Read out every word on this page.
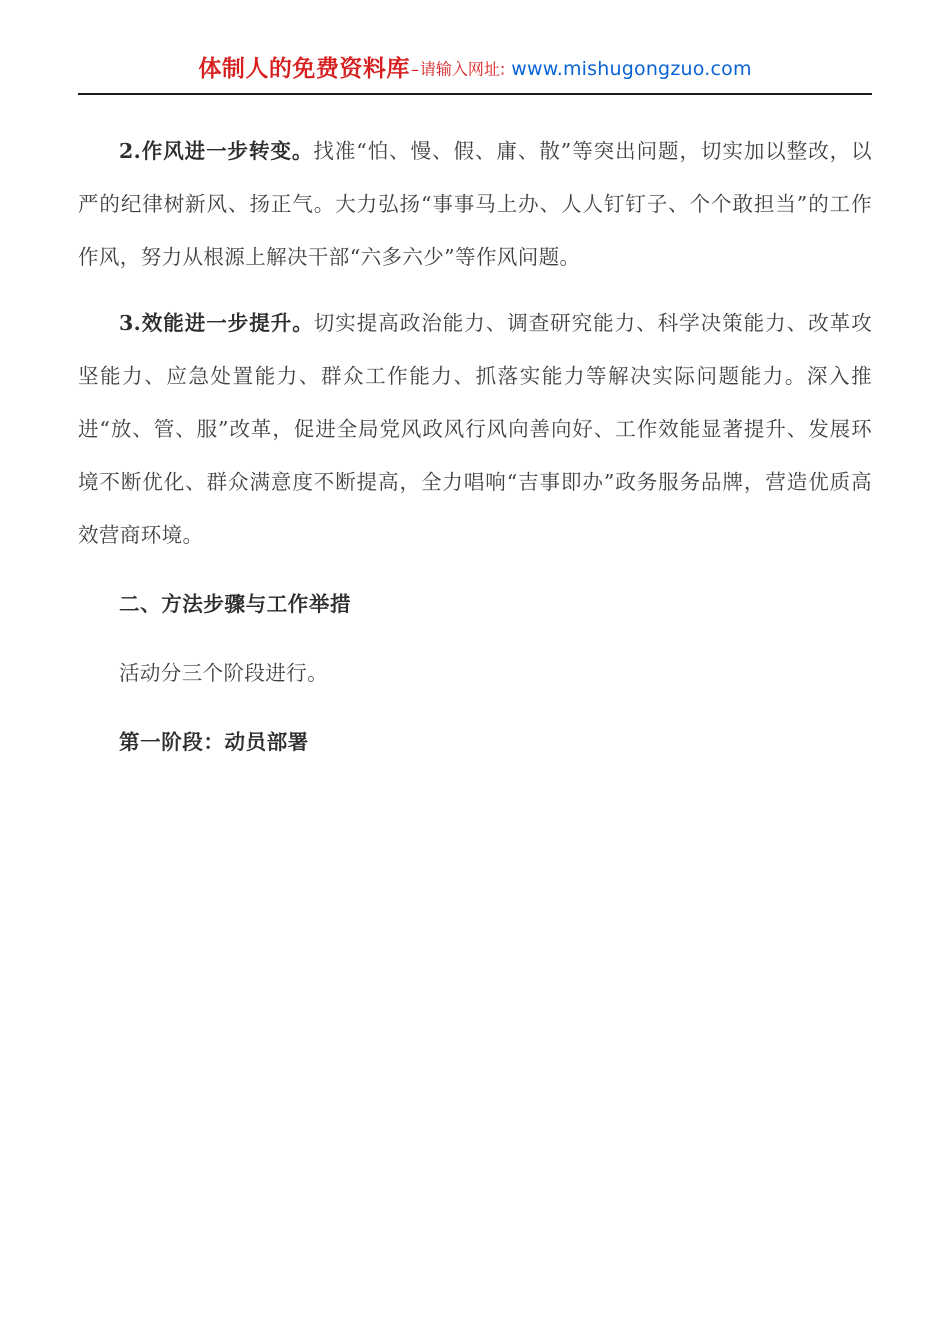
体制人的免费资料库–请输入网址: www.mishugongzuo.com

2.作风进一步转变。找准“怕、慢、假、庸、散”等突出问题，切实加以整改，以严的纪律树新风、扬正气。大力弘扬“事事马上办、人人钉钉子、个个敢担当”的工作作风，努力从根源上解决干部“六多六少”等作风问题。

3.效能进一步提升。切实提高政治能力、调查研究能力、科学决策能力、改革攻坚能力、应急处置能力、群众工作能力、抓落实能力等解决实际问题能力。深入推进“放、管、服”改革，促进全局党风政风行风向善向好、工作效能显著提升、发展环境不断优化、群众满意度不断提高，全力唱响“吉事即办”政务服务品牌，营造优质高效营商环境。

二、方法步骤与工作举措

活动分三个阶段进行。

第一阶段：动员部署
